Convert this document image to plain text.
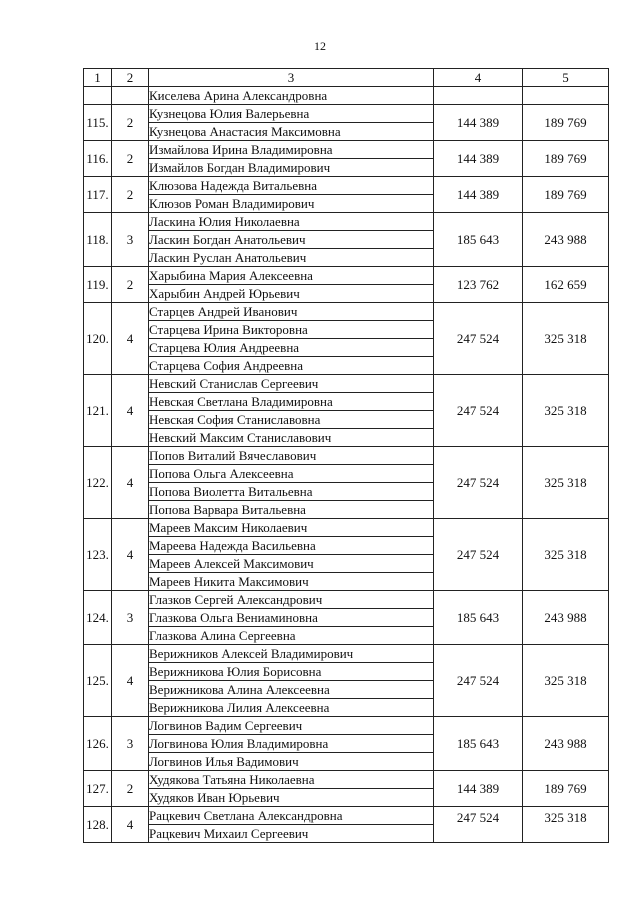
12
1	2	3	4	5
		Киселева Арина Александровна		
115.	2	Кузнецова Юлия Валерьевна	144 389	189 769
		Кузнецова Анастасия Максимовна		
116.	2	Измайлова Ирина Владимировна	144 389	189 769
		Измайлов Богдан Владимирович		
117.	2	Клюзова Надежда Витальевна	144 389	189 769
		Клюзов Роман Владимирович		
118.	3	Ласкина Юлия Николаевна	185 643	243 988
		Ласкин Богдан Анатольевич		
		Ласкин Руслан Анатольевич		
119.	2	Харыбина Мария Алексеевна	123 762	162 659
		Харыбин Андрей Юрьевич		
120.	4	Старцев Андрей Иванович	247 524	325 318
		Старцева Ирина Викторовна		
		Старцева Юлия Андреевна		
		Старцева София Андреевна		
121.	4	Невский Станислав Сергеевич	247 524	325 318
		Невская Светлана Владимировна		
		Невская София Станиславовна		
		Невский Максим Станиславович		
122.	4	Попов Виталий Вячеславович	247 524	325 318
		Попова Ольга Алексеевна		
		Попова Виолетта Витальевна		
		Попова Варвара Витальевна		
123.	4	Мареев Максим Николаевич	247 524	325 318
		Мареева Надежда Васильевна		
		Мареев Алексей Максимович		
		Мареев Никита Максимович		
124.	3	Глазков Сергей Александрович	185 643	243 988
		Глазкова Ольга Вениаминовна		
		Глазкова Алина Сергеевна		
125.	4	Верижников Алексей Владимирович	247 524	325 318
		Верижникова Юлия Борисовна		
		Верижникова Алина Алексеевна		
		Верижникова Лилия Алексеевна		
126.	3	Логвинов Вадим Сергеевич	185 643	243 988
		Логвинова Юлия Владимировна		
		Логвинов Илья Вадимович		
127.	2	Худякова Татьяна Николаевна	144 389	189 769
		Худяков Иван Юрьевич		
128.	4	Рацкевич Светлана Александровна	247 524	325 318
		Рацкевич Михаил Сергеевич		
